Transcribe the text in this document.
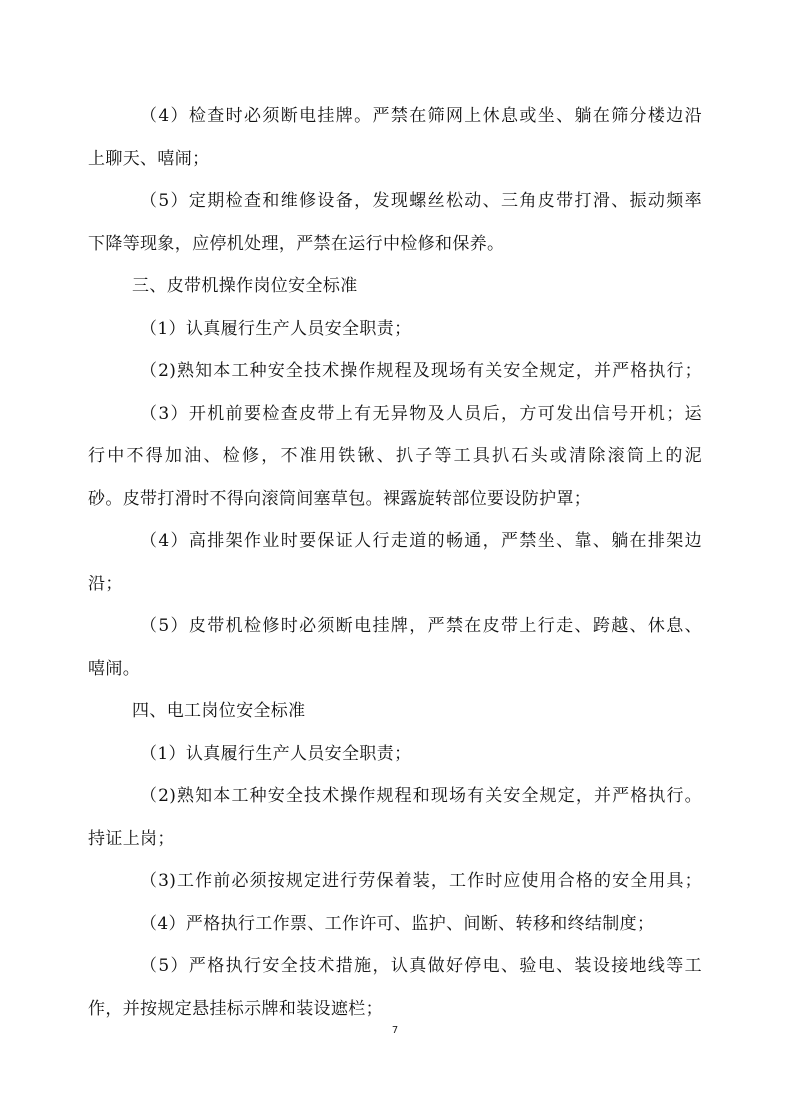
（4）检查时必须断电挂牌。严禁在筛网上休息或坐、躺在筛分楼边沿
上聊天、嘻闹；
（5）定期检查和维修设备，发现螺丝松动、三角皮带打滑、振动频率
下降等现象，应停机处理，严禁在运行中检修和保养。
三、皮带机操作岗位安全标准
（1）认真履行生产人员安全职责；
（2)熟知本工种安全技术操作规程及现场有关安全规定，并严格执行；
（3）开机前要检查皮带上有无异物及人员后，方可发出信号开机；运
行中不得加油、检修，不准用铁锹、扒子等工具扒石头或清除滚筒上的泥
砂。皮带打滑时不得向滚筒间塞草包。裸露旋转部位要设防护罩；
（4）高排架作业时要保证人行走道的畅通，严禁坐、靠、躺在排架边
沿；
（5）皮带机检修时必须断电挂牌，严禁在皮带上行走、跨越、休息、
嘻闹。
四、电工岗位安全标准
（1）认真履行生产人员安全职责；
（2)熟知本工种安全技术操作规程和现场有关安全规定，并严格执行。
持证上岗；
（3)工作前必须按规定进行劳保着装，工作时应使用合格的安全用具；
（4）严格执行工作票、工作许可、监护、间断、转移和终结制度；
（5）严格执行安全技术措施，认真做好停电、验电、装设接地线等工
作，并按规定悬挂标示牌和装设遮栏；
7
